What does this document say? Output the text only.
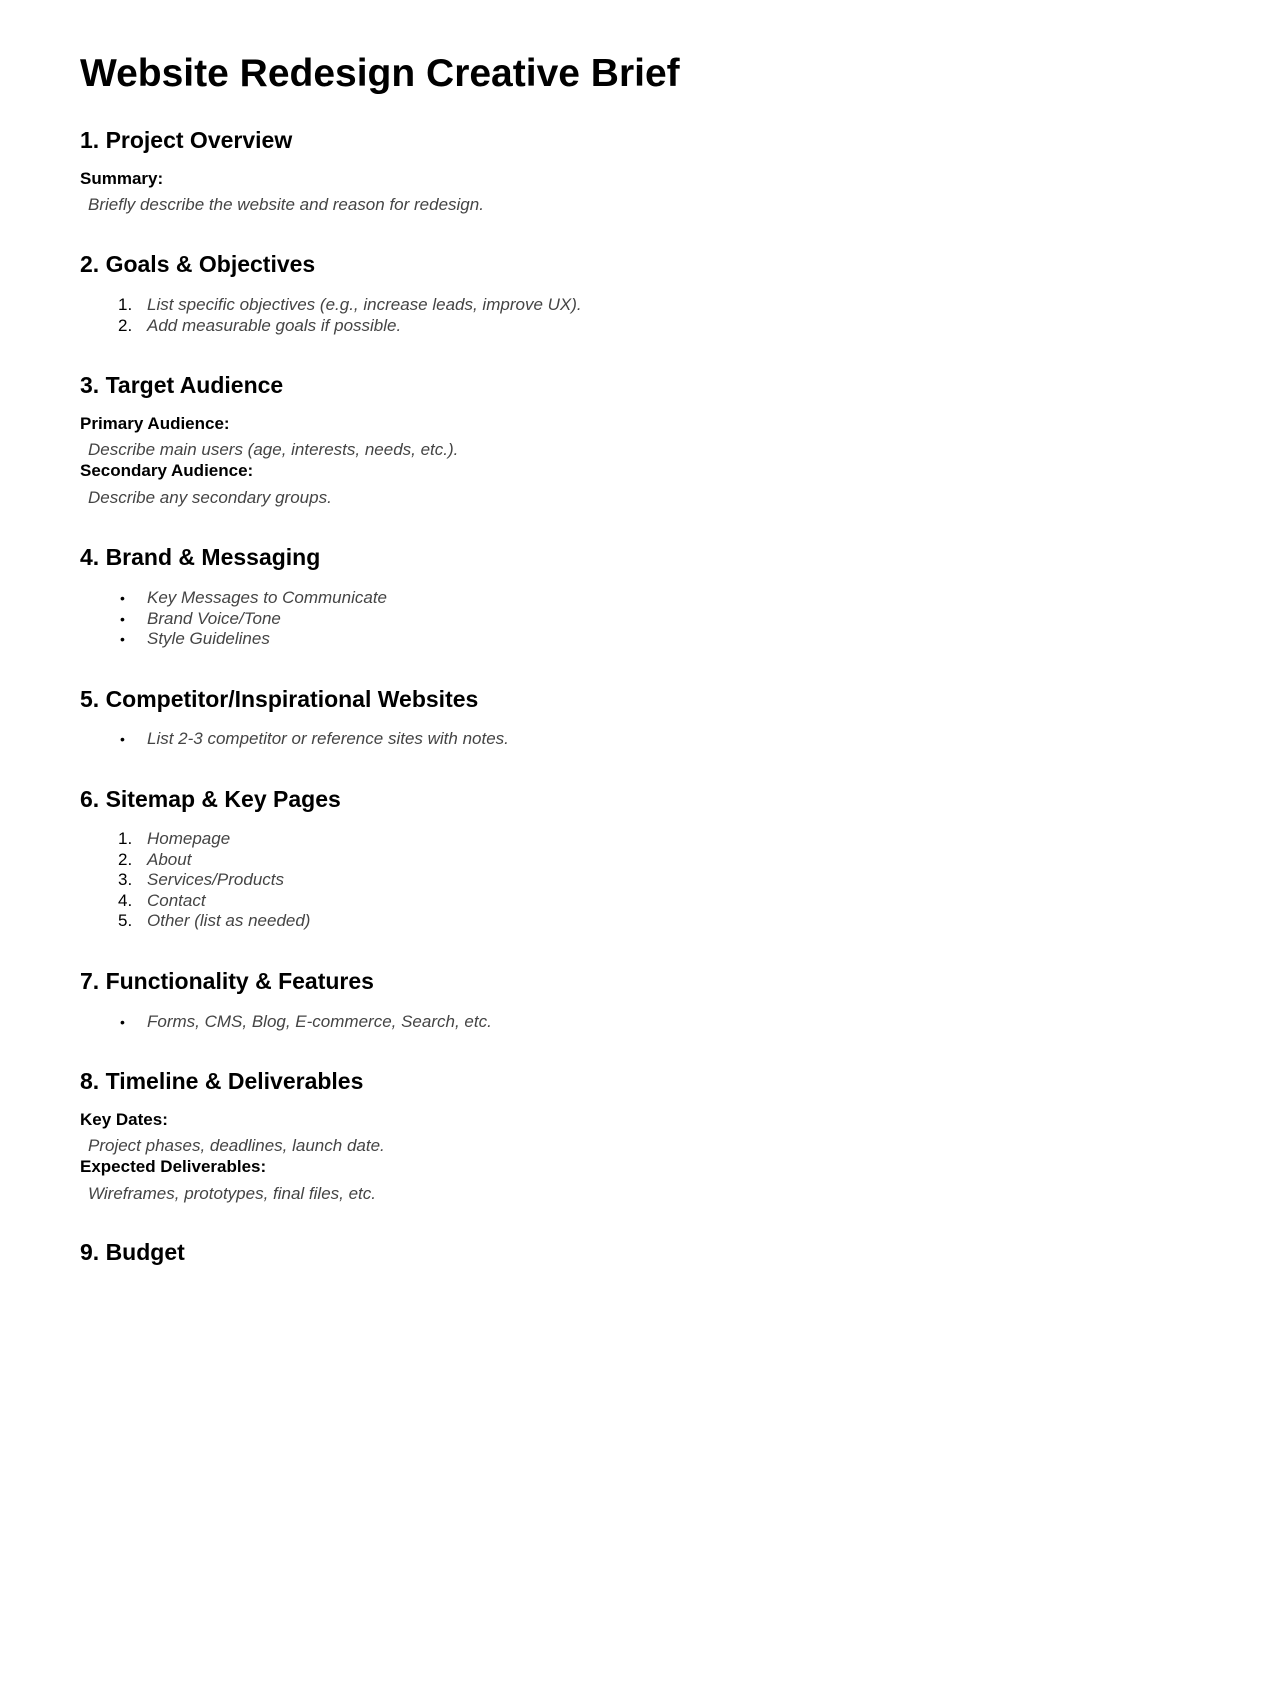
Website Redesign Creative Brief
1. Project Overview
Summary:
Briefly describe the website and reason for redesign.
2. Goals & Objectives
1. List specific objectives (e.g., increase leads, improve UX).
2. Add measurable goals if possible.
3. Target Audience
Primary Audience:
Describe main users (age, interests, needs, etc.).
Secondary Audience:
Describe any secondary groups.
4. Brand & Messaging
• Key Messages to Communicate
• Brand Voice/Tone
• Style Guidelines
5. Competitor/Inspirational Websites
• List 2-3 competitor or reference sites with notes.
6. Sitemap & Key Pages
1. Homepage
2. About
3. Services/Products
4. Contact
5. Other (list as needed)
7. Functionality & Features
• Forms, CMS, Blog, E-commerce, Search, etc.
8. Timeline & Deliverables
Key Dates:
Project phases, deadlines, launch date.
Expected Deliverables:
Wireframes, prototypes, final files, etc.
9. Budget
